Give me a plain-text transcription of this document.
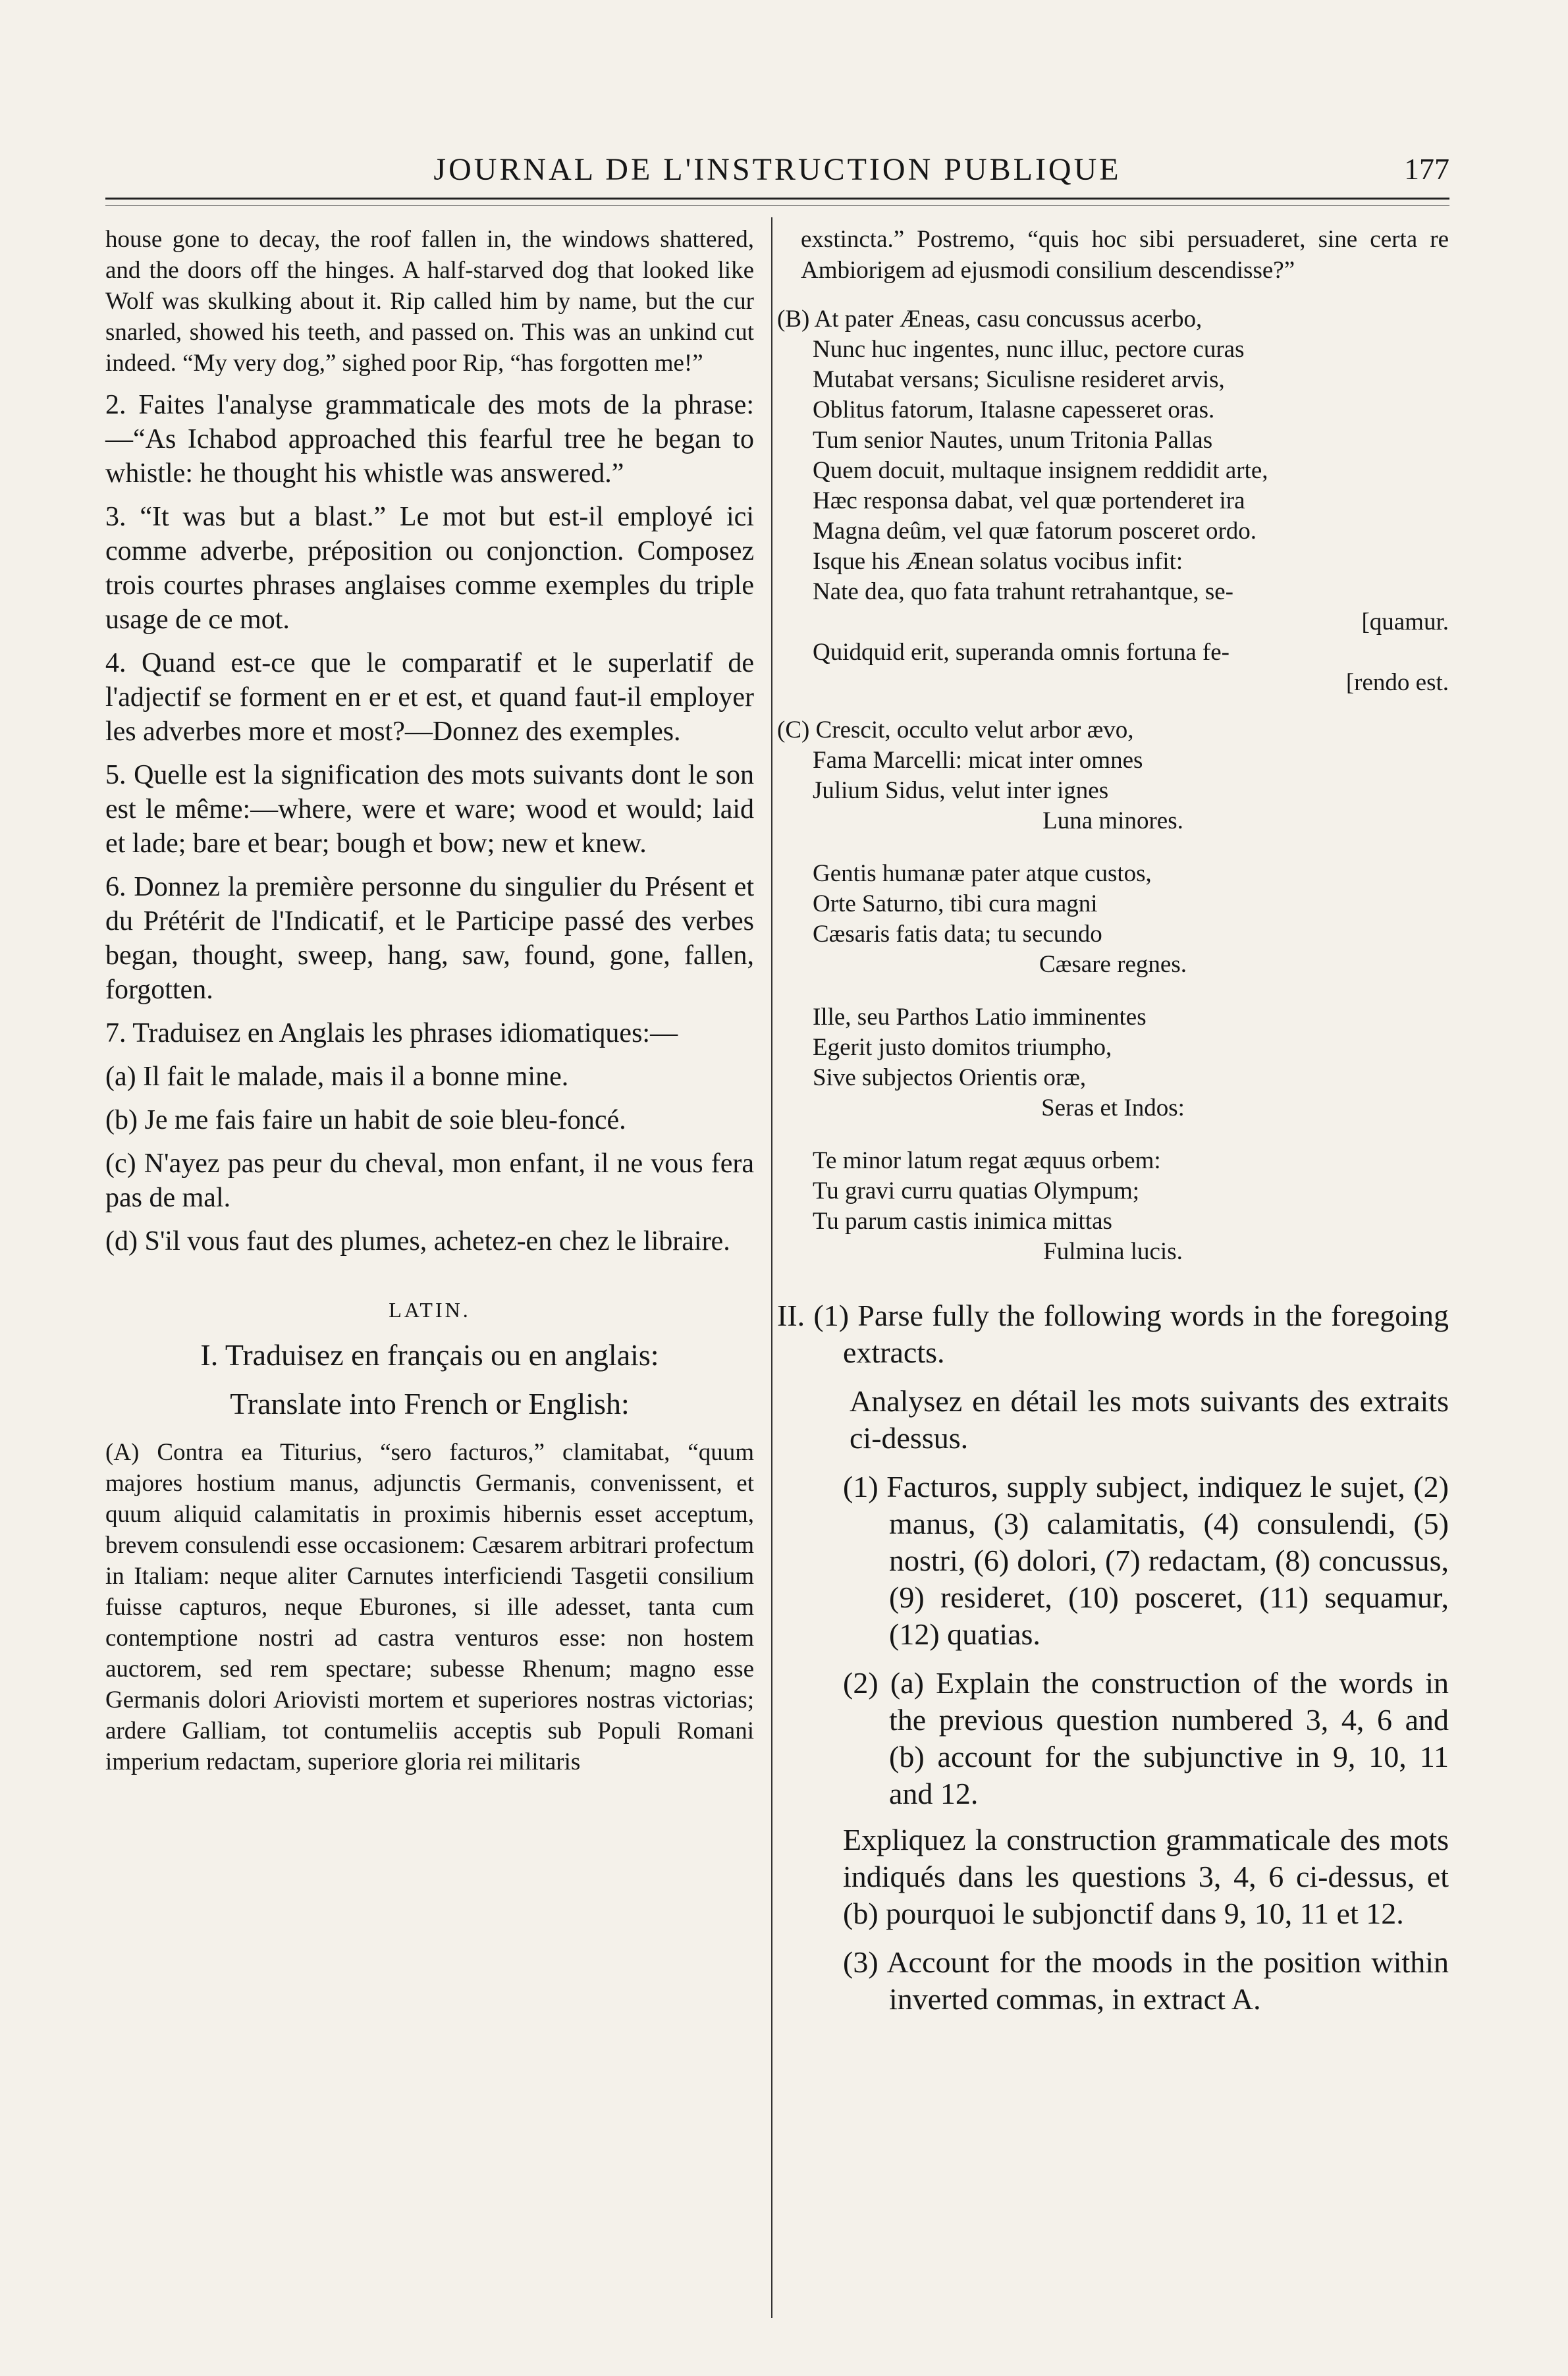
JOURNAL DE L'INSTRUCTION PUBLIQUE	177

house gone to decay, the roof fallen in, the windows shattered, and the doors off the hinges. A half-starved dog that looked like Wolf was skulking about it. Rip called him by name, but the cur snarled, showed his teeth, and passed on. This was an unkind cut indeed. “My very dog,” sighed poor Rip, “has forgotten me!”

2. Faites l'analyse grammaticale des mots de la phrase:—“As Ichabod approached this fearful tree he began to whistle: he thought his whistle was answered.”

3. “It was but a blast.” Le mot but est-il employé ici comme adverbe, préposition ou conjonction. Composez trois courtes phrases anglaises comme exemples du triple usage de ce mot.

4. Quand est-ce que le comparatif et le superlatif de l'adjectif se forment en er et est, et quand faut-il employer les adverbes more et most?—Donnez des exemples.

5. Quelle est la signification des mots suivants dont le son est le même:—where, were et ware; wood et would; laid et lade; bare et bear; bough et bow; new et knew.

6. Donnez la première personne du singulier du Présent et du Prétérit de l'Indicatif, et le Participe passé des verbes began, thought, sweep, hang, saw, found, gone, fallen, forgotten.

7. Traduisez en Anglais les phrases idiomatiques:—

(a) Il fait le malade, mais il a bonne mine.

(b) Je me fais faire un habit de soie bleu-foncé.

(c) N'ayez pas peur du cheval, mon enfant, il ne vous fera pas de mal.

(d) S'il vous faut des plumes, achetez-en chez le libraire.

LATIN.

I. Traduisez en français ou en anglais:

Translate into French or English:

(A) Contra ea Titurius, “sero facturos,” clamitabat, “quum majores hostium manus, adjunctis Germanis, convenissent, et quum aliquid calamitatis in proximis hibernis esset acceptum, brevem consulendi esse occasionem: Cæsarem arbitrari profectum in Italiam: neque aliter Carnutes interficiendi Tasgetii consilium fuisse capturos, neque Eburones, si ille adesset, tanta cum contemptione nostri ad castra venturos esse: non hostem auctorem, sed rem spectare; subesse Rhenum; magno esse Germanis dolori Ariovisti mortem et superiores nostras victorias; ardere Galliam, tot contumeliis acceptis sub Populi Romani imperium redactam, superiore gloria rei militaris

exstincta.” Postremo, “quis hoc sibi persuaderet, sine certa re Ambiorigem ad ejusmodi consilium descendisse?”

(B) At pater Æneas, casu concussus acerbo,
Nunc huc ingentes, nunc illuc, pectore curas
Mutabat versans; Siculisne resideret arvis,
Oblitus fatorum, Italasne capesseret oras.
Tum senior Nautes, unum Tritonia Pallas
Quem docuit, multaque insignem reddidit arte,
Hæc responsa dabat, vel quæ portenderet ira
Magna deûm, vel quæ fatorum posceret ordo.
Isque his Ænean solatus vocibus infit:
Nate dea, quo fata trahunt retrahantque, se-
[quamur.
Quidquid erit, superanda omnis fortuna fe-
[rendo est.
(C) Crescit, occulto velut arbor ævo,
Fama Marcelli: micat inter omnes
Julium Sidus, velut inter ignes
Luna minores.
Gentis humanæ pater atque custos,
Orte Saturno, tibi cura magni
Cæsaris fatis data; tu secundo
Cæsare regnes.
Ille, seu Parthos Latio imminentes
Egerit justo domitos triumpho,
Sive subjectos Orientis oræ,
Seras et Indos:
Te minor latum regat æquus orbem:
Tu gravi curru quatias Olympum;
Tu parum castis inimica mittas
Fulmina lucis.

II. (1) Parse fully the following words in the foregoing extracts.

Analysez en détail les mots suivants des extraits ci-dessus.

(1) Facturos, supply subject, indiquez le sujet, (2) manus, (3) calamitatis, (4) consulendi, (5) nostri, (6) dolori, (7) redactam, (8) concussus, (9) resideret, (10) posceret, (11) sequamur, (12) quatias.

(2) (a) Explain the construction of the words in the previous question numbered 3, 4, 6 and (b) account for the subjunctive in 9, 10, 11 and 12.

Expliquez la construction grammaticale des mots indiqués dans les questions 3, 4, 6 ci-dessus, et (b) pourquoi le subjonctif dans 9, 10, 11 et 12.

(3) Account for the moods in the position within inverted commas, in extract A.
